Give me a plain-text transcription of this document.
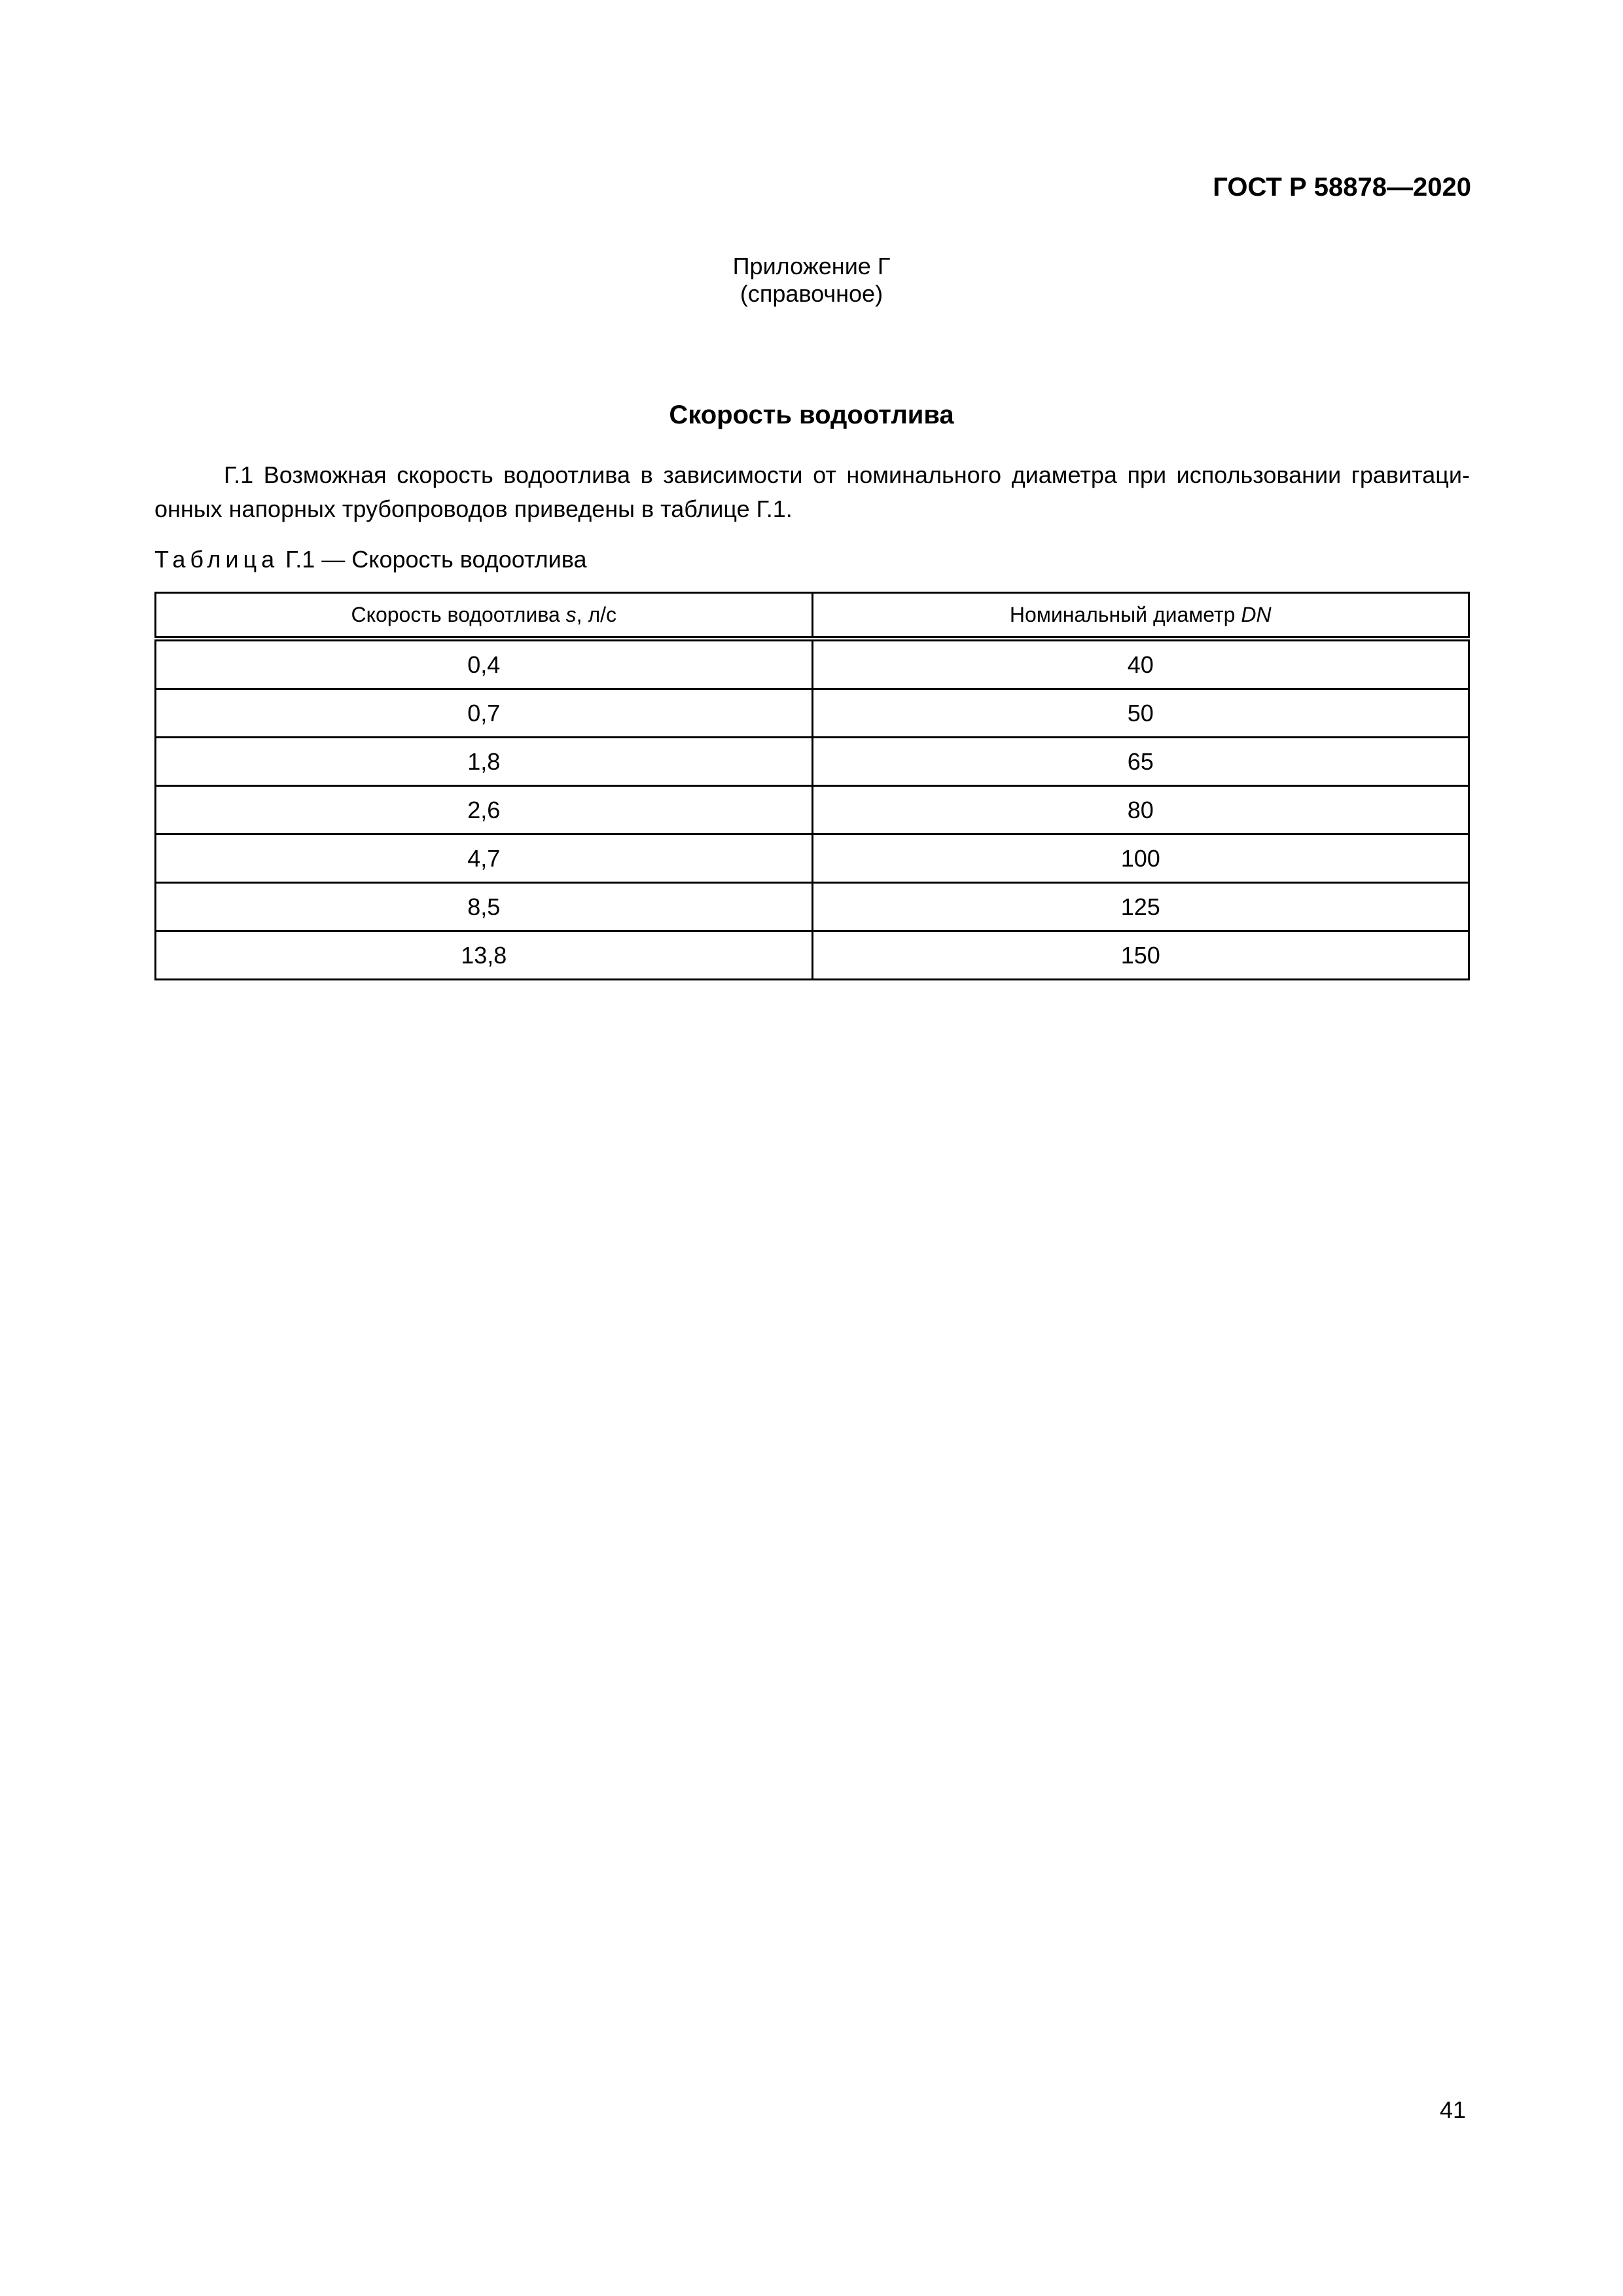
ГОСТ Р 58878—2020
Приложение Г
(справочное)
Скорость водоотлива
Г.1 Возможная скорость водоотлива в зависимости от номинального диаметра при использовании гравитационных напорных трубопроводов приведены в таблице Г.1.
Таблица Г.1 — Скорость водоотлива
Скорость водоотлива s, л/с	Номинальный диаметр DN
0,4	40
0,7	50
1,8	65
2,6	80
4,7	100
8,5	125
13,8	150
41
